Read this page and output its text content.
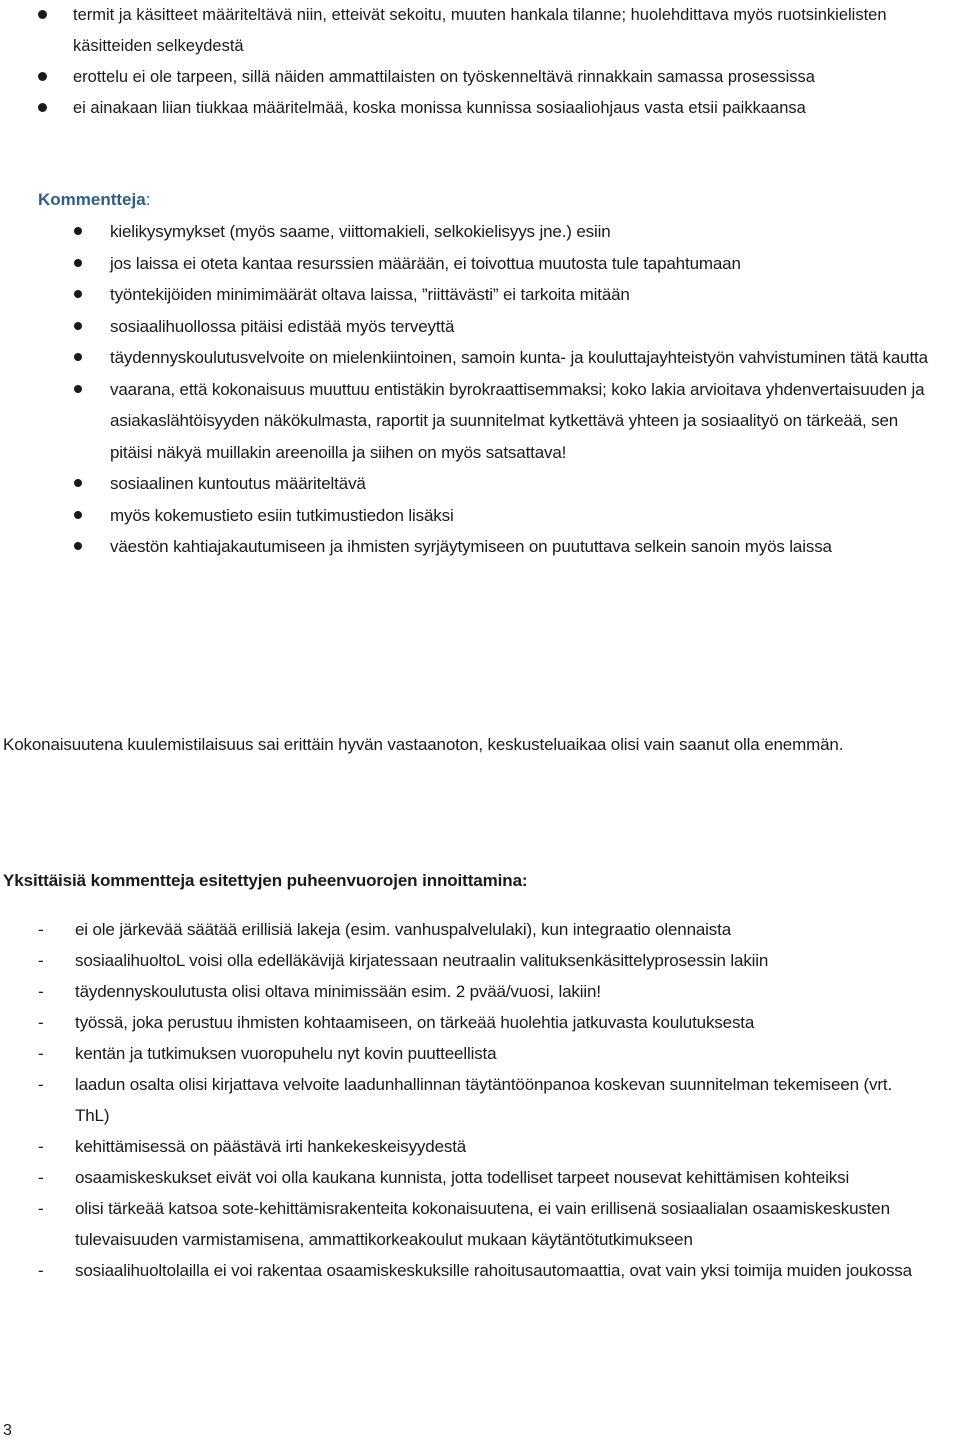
termit ja käsitteet määriteltävä niin, etteivät sekoitu, muuten hankala tilanne; huolehdittava myös ruotsinkielisten käsitteiden selkeydestä
erottelu ei ole tarpeen, sillä näiden ammattilaisten on työskenneltävä rinnakkain samassa prosessissa
ei ainakaan liian tiukkaa määritelmää, koska monissa kunnissa sosiaaliohjaus vasta etsii paikkaansa
Kommentteja:
kielikysymykset (myös saame, viittomakieli, selkokielisyys jne.) esiin
jos laissa ei oteta kantaa resurssien määrään, ei toivottua muutosta tule tapahtumaan
työntekijöiden minimimäärät oltava laissa, ”riittävästi” ei tarkoita mitään
sosiaalihuollossa pitäisi edistää myös terveyttä
täydennyskoulutusvelvoite on mielenkiintoinen, samoin kunta- ja kouluttajayhteistyön vahvistuminen tätä kautta
vaarana, että kokonaisuus muuttuu entistäkin byrokraattisemmaksi; koko lakia arvioitava yhdenvertaisuuden ja asiakaslähtöisyyden näkökulmasta, raportit ja suunnitelmat kytkettävä yhteen ja sosiaalityö on tärkeää, sen pitäisi näkyä muillakin areenoilla ja siihen on myös satsattava!
sosiaalinen kuntoutus määriteltävä
myös kokemustieto esiin tutkimustiedon lisäksi
väestön kahtiajakautumiseen ja ihmisten syrjäytymiseen on puututtava selkein sanoin myös laissa

Kokonaisuutena kuulemistilaisuus sai erittäin hyvän vastaanoton, keskusteluaikaa olisi vain saanut olla enemmän.

Yksittäisiä kommentteja esitettyjen puheenvuorojen innoittamina:

- ei ole järkevää säätää erillisiä lakeja (esim. vanhuspalvelulaki), kun integraatio olennaista
- sosiaalihuoltoL voisi olla edelläkävijä kirjatessaan neutraalin valituksenkäsittelyprosessin lakiin
- täydennyskoulutusta olisi oltava minimissään esim. 2 pvää/vuosi, lakiin!
- työssä, joka perustuu ihmisten kohtaamiseen, on tärkeää huolehtia jatkuvasta koulutuksesta
- kentän ja tutkimuksen vuoropuhelu nyt kovin puutteellista
- laadun osalta olisi kirjattava velvoite laadunhallinnan täytäntöönpanoa koskevan suunnitelman tekemiseen (vrt. ThL)
- kehittämisessä on päästävä irti hankekeskeisyydestä
- osaamiskeskukset eivät voi olla kaukana kunnista, jotta todelliset tarpeet nousevat kehittämisen kohteiksi
- olisi tärkeää katsoa sote-kehittämisrakenteita kokonaisuutena, ei vain erillisenä sosiaalialan osaamiskeskusten tulevaisuuden varmistamisena, ammattikorkeakoulut mukaan käytäntötutkimukseen
- sosiaalihuoltolailla ei voi rakentaa osaamiskeskuksille rahoitusautomaattia, ovat vain yksi toimija muiden joukossa
3
